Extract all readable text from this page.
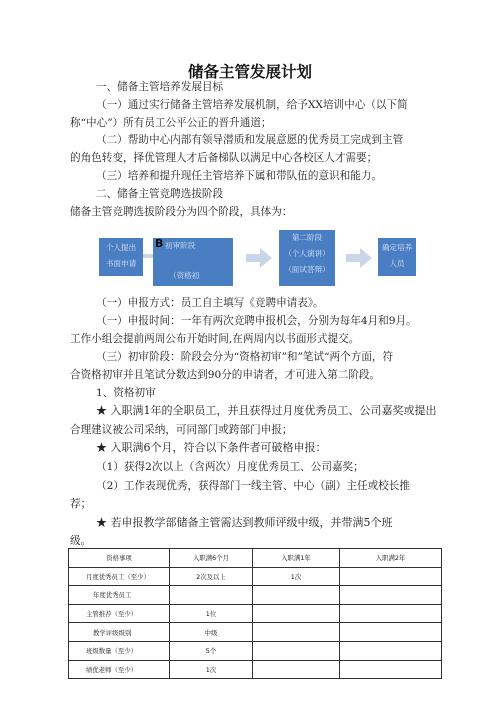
储备主管发展计划
一、储备主管培养发展目标
（一）通过实行储备主管培养发展机制，给予XX培训中心（以下简
称“中心”）所有员工公平公正的晋升通道；
（二）帮助中心内部有领导潜质和发展意愿的优秀员工完成到主管
的角色转变，择优管理人才后备梯队以满足中心各校区人才需要；
（三）培养和提升现任主管培养下属和带队伍的意识和能力。
二、储备主管竞聘选拔阶段
储备主管竞聘选拔阶段分为四个阶段，具体为：
个人提出
书面申请
B 初审阶段
（资格初
第二阶段
（个人演讲）
（面试答辩）
确定培养
人员
（一）申报方式：员工自主填写《竞聘申请表》。
（一）申报时间：一年有两次竞聘申报机会，分别为每年4月和9月。
工作小组会提前两周公布开始时间,在两周内以书面形式提交。
（三）初审阶段：阶段会分为“资格初审”和”笔试“两个方面，符
合资格初审并且笔试分数达到90分的申请者，才可进入第二阶段。
1、资格初审
★ 入职满1年的全职员工，并且获得过月度优秀员工、公司嘉奖或提出
合理建议被公司采纳，可同部门或跨部门申报；
★ 入职满6个月，符合以下条件者可破格申报：
（1）获得2次以上（含两次）月度优秀员工、公司嘉奖；
（2）工作表现优秀，获得部门一线主管、中心（副）主任或校长推
荐；
★ 若申报教学部储备主管需达到教师评级中级，并带满5个班
资格事项	入职满6个月	入职满1年	入职满2年
月度优秀员工（至少）	2次及以上	1次	
年度优秀员工			
主管推荐（至少）	1位		
教学评级级别	中级		
班级数量（至少）	5个		
绩优老师（至少）	1次		
级。
